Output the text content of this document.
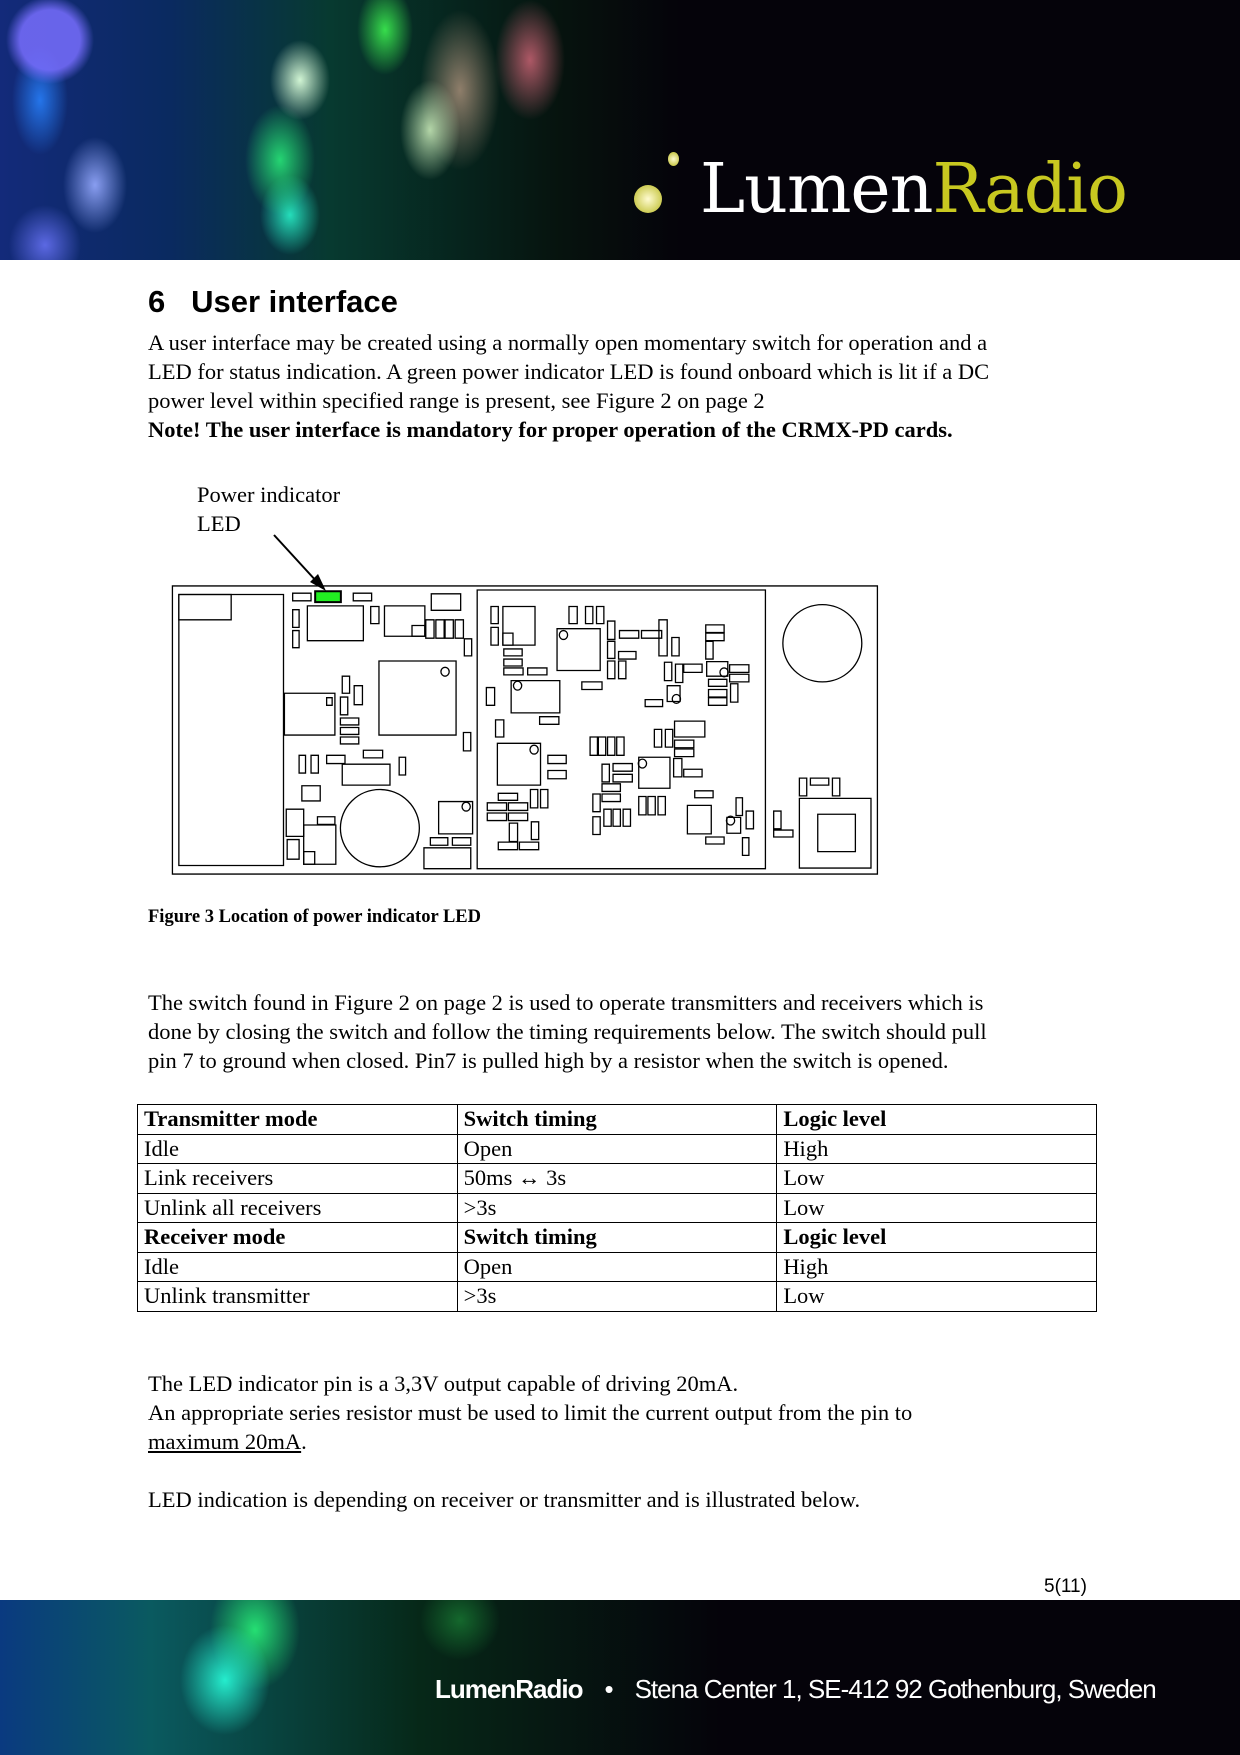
LumenRadio
6 User interface

A user interface may be created using a normally open momentary switch for operation and a
LED for status indication. A green power indicator LED is found onboard which is lit if a DC
power level within specified range is present, see Figure 2 on page 2
Note! The user interface is mandatory for proper operation of the CRMX-PD cards.

Power indicator
LED
Figure 3 Location of power indicator LED

The switch found in Figure 2 on page 2 is used to operate transmitters and receivers which is
done by closing the switch and follow the timing requirements below. The switch should pull
pin 7 to ground when closed. Pin7 is pulled high by a resistor when the switch is opened.

Transmitter mode	Switch timing	Logic level
Idle	Open	High
Link receivers	50ms ↔ 3s	Low
Unlink all receivers	>3s	Low
Receiver mode	Switch timing	Logic level
Idle	Open	High
Unlink transmitter	>3s	Low

The LED indicator pin is a 3,3V output capable of driving 20mA.
An appropriate series resistor must be used to limit the current output from the pin to
maximum 20mA.

LED indication is depending on receiver or transmitter and is illustrated below.

5(11)
LumenRadio • Stena Center 1, SE-412 92 Gothenburg, Sweden
